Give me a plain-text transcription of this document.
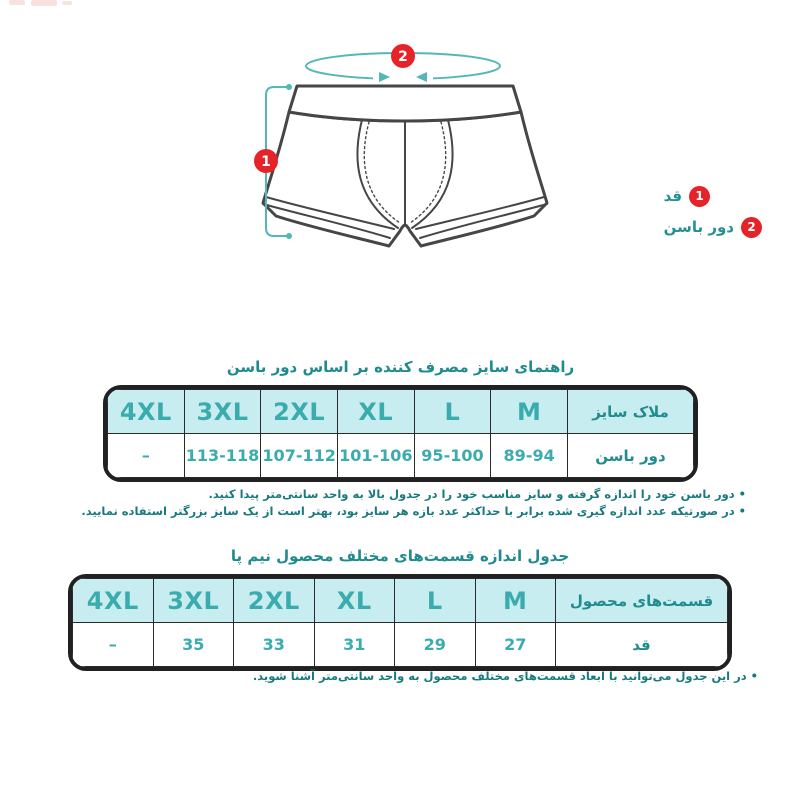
2
1
1
قد
2
دور باسن
راهنمای سایز مصرف کننده بر اساس دور باسن
4XL	3XL	2XL	XL	L	M	ملاک سایز
–	113-118	107-112	101-106	95-100	89-94	دور باسن
• دور باسن خود را اندازه گرفته و سایز مناسب خود را در جدول بالا به واحد سانتی‌متر پیدا کنید.
• در صورتیکه عدد اندازه گیری شده برابر با حداکثر عدد بازه هر سایز بود، بهتر است از یک سایز بزرگتر استفاده نمایید.
جدول اندازه قسمت‌های مختلف محصول نیم پا
4XL	3XL	2XL	XL	L	M	قسمت‌های محصول
–	35	33	31	29	27	قد
• در این جدول می‌توانید با ابعاد قسمت‌های مختلف محصول به واحد سانتی‌متر آشنا شوید.
